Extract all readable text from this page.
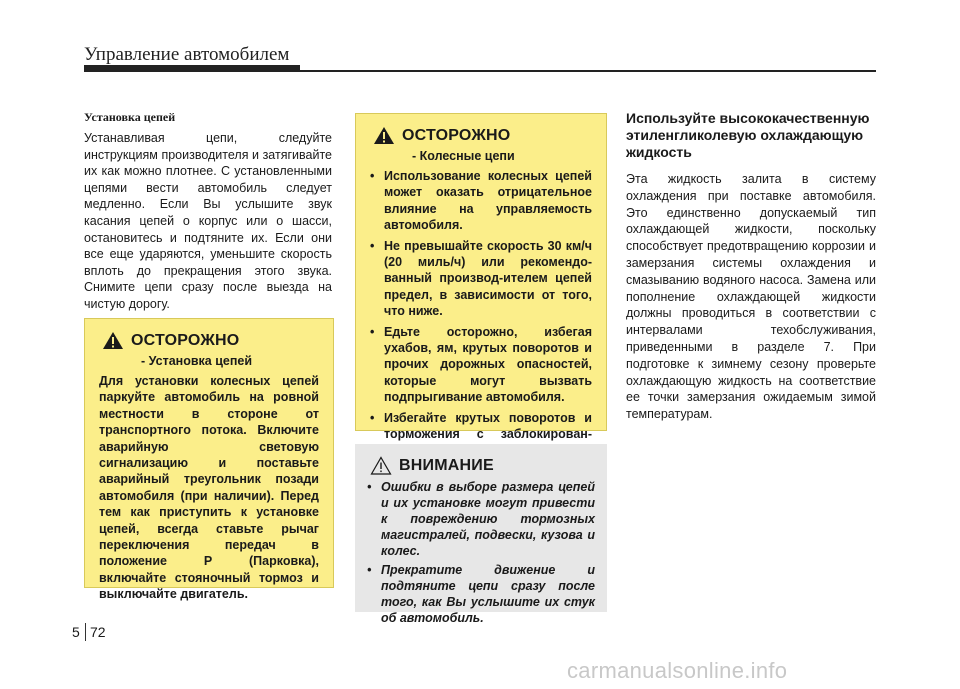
Управление автомобилем
Установка цепей

Устанавливая цепи, следуйте инструкциям производителя и затягивайте их как можно плотнее. С установленными цепями вести автомобиль следует медленно. Если Вы услышите звук касания цепей о корпус или о шасси, остановитесь и подтяните их. Если они все еще ударяются, уменьшите скорость вплоть до прекращения этого звука. Снимите цепи сразу после выезда на чистую дорогу.

ОСТОРОЖНО
- Установка цепей

Для установки колесных цепей паркуйте автомобиль на ровной местности в стороне от транспортного потока. Включите аварийную световую сигнализацию и поставьте аварийный треугольник позади автомобиля (при наличии). Перед тем как приступить к установке цепей, всегда ставьте рычаг переключения передач в положение P (Парковка), включайте стояночный тормоз и выключайте двигатель.

ОСТОРОЖНО
- Колесные цепи
• Использование колесных цепей может оказать отрицательное влияние на управляемость автомобиля.
• Не превышайте скорость 30 км/ч (20 миль/ч) или рекомендо- ванный производ-ителем цепей предел, в зависимости от того, что ниже.
• Едьте осторожно, избегая ухабов, ям, крутых поворотов и прочих дорожных опасностей, которые могут вызвать подпрыгивание автомобиля.
• Избегайте крутых поворотов и торможения с заблокирован-
ВНИМАНИЕ
• Ошибки в выборе размера цепей и их установке могут привести к повреждению тормозных магистралей, подвески, кузова и колес.
• Прекратите движение и подтяните цепи сразу после того, как Вы услышите их стук об автомобиль.
Используйте высококачественную этиленгликолевую охлаждающую жидкость

Эта жидкость залита в систему охлаждения при поставке автомобиля. Это единственно допускаемый тип охлаждающей жидкости, поскольку способствует предотвращению коррозии и замерзания системы охлаждения и смазыванию водяного насоса. Замена или пополнение охлаждающей жидкости должны проводиться в соответствии с интервалами техобслуживания, приведенными в разделе 7. При подготовке к зимнему сезону проверьте охлаждающую жидкость на соответствие ее точки замерзания ожидаемым зимой температурам.

5 72
carmanualsonline.info
